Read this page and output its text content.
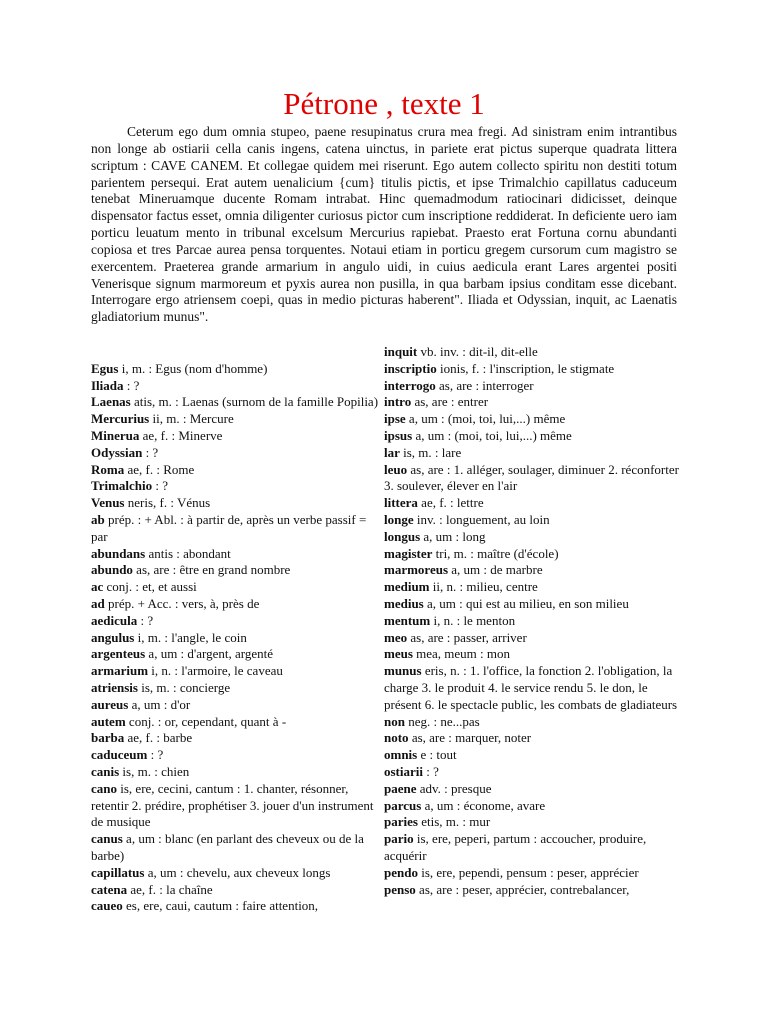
Pétrone , texte 1

Ceterum ego dum omnia stupeo, paene resupinatus crura mea fregi. Ad sinistram enim intrantibus non longe ab ostiarii cella canis ingens, catena uinctus, in pariete erat pictus superque quadrata littera scriptum : CAVE CANEM. Et collegae quidem mei riserunt. Ego autem collecto spiritu non destiti totum parientem persequi. Erat autem uenalicium {cum} titulis pictis, et ipse Trimalchio capillatus caduceum tenebat Mineruamque ducente Romam intrabat. Hinc quemadmodum ratiocinari didicisset, deinque dispensator factus esset, omnia diligenter curiosus pictor cum inscriptione reddiderat. In deficiente uero iam porticu leuatum mento in tribunal excelsum Mercurius rapiebat. Praesto erat Fortuna cornu abundanti copiosa et tres Parcae aurea pensa torquentes. Notaui etiam in porticu gregem cursorum cum magistro se exercentem. Praeterea grande armarium in angulo uidi, in cuius aedicula erant Lares argentei positi Venerisque signum marmoreum et pyxis aurea non pusilla, in qua barbam ipsius conditam esse dicebant. Interrogare ergo atriensem coepi, quas in medio picturas haberent". Iliada et Odyssian, inquit, ac Laenatis gladiatorium munus".

Egus i, m. : Egus (nom d'homme)
Iliada : ?
Laenas atis, m. : Laenas (surnom de la famille Popilia)
Mercurius ii, m. : Mercure
Minerua ae, f. : Minerve
Odyssian : ?
Roma ae, f. : Rome
Trimalchio : ?
Venus neris, f. : Vénus
ab prép. : + Abl. : à partir de, après un verbe passif = par
abundans antis : abondant
abundo as, are : être en grand nombre
ac conj. : et, et aussi
ad prép. + Acc. : vers, à, près de
aedicula : ?
angulus i, m. : l'angle, le coin
argenteus a, um : d'argent, argenté
armarium i, n. : l'armoire, le caveau
atriensis is, m. : concierge
aureus a, um : d'or
autem conj. : or, cependant, quant à -
barba ae, f. : barbe
caduceum : ?
canis is, m. : chien
cano is, ere, cecini, cantum : 1. chanter, résonner, retentir 2. prédire, prophétiser 3. jouer d'un instrument de musique
canus a, um : blanc (en parlant des cheveux ou de la barbe)
capillatus a, um : chevelu, aux cheveux longs
catena ae, f. : la chaîne
caueo es, ere, caui, cautum : faire attention,
inquit vb. inv. : dit-il, dit-elle
inscriptio ionis, f. : l'inscription, le stigmate
interrogo as, are : interroger
intro as, are : entrer
ipse a, um : (moi, toi, lui,...) même
ipsus a, um : (moi, toi, lui,...) même
lar is, m. : lare
leuo as, are : 1. alléger, soulager, diminuer 2. réconforter 3. soulever, élever en l'air
littera ae, f. : lettre
longe inv. : longuement, au loin
longus a, um : long
magister tri, m. : maître (d'école)
marmoreus a, um : de marbre
medium ii, n. : milieu, centre
medius a, um : qui est au milieu, en son milieu
mentum i, n. : le menton
meo as, are : passer, arriver
meus mea, meum : mon
munus eris, n. : 1. l'office, la fonction 2. l'obligation, la charge 3. le produit 4. le service rendu 5. le don, le présent 6. le spectacle public, les combats de gladiateurs
non neg. : ne...pas
noto as, are : marquer, noter
omnis e : tout
ostiarii : ?
paene adv. : presque
parcus a, um : économe, avare
paries etis, m. : mur
pario is, ere, peperi, partum : accoucher, produire, acquérir
pendo is, ere, pependi, pensum : peser, apprécier
penso as, are : peser, apprécier, contrebalancer,
